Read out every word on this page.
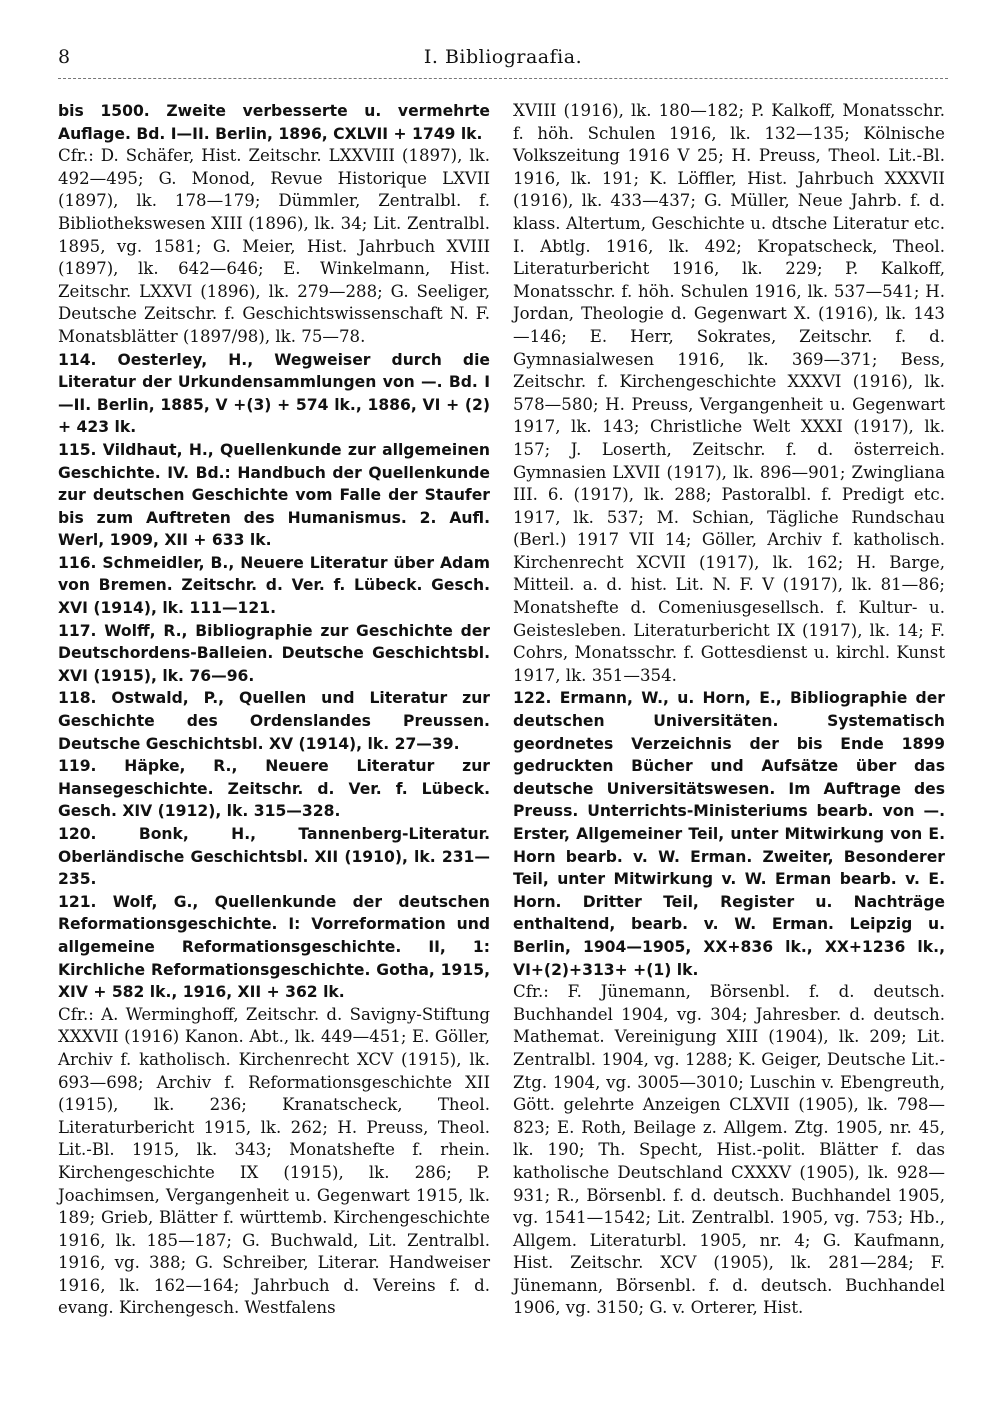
8	I. Bibliograafia.

bis 1500. Zweite verbesserte u. vermehrte Auflage. Bd. I—II. Berlin, 1896, CXLVII + 1749 lk.

Cfr.: D. Schäfer, Hist. Zeitschr. LXXVIII (1897), lk. 492—495; G. Monod, Revue Historique LXVII (1897), lk. 178—179; Dümmler, Zentralbl. f. Bibliothekswesen XIII (1896), lk. 34; Lit. Zentralbl. 1895, vg. 1581; G. Meier, Hist. Jahrbuch XVIII (1897), lk. 642—646; E. Winkelmann, Hist. Zeitschr. LXXVI (1896), lk. 279—288; G. Seeliger, Deutsche Zeitschr. f. Geschichtswissenschaft N. F. Monatsblätter (1897/98), lk. 75—78.

114. Oesterley, H., Wegweiser durch die Literatur der Urkundensammlungen von —. Bd. I—II. Berlin, 1885, V +(3) + 574 lk., 1886, VI + (2) + 423 lk.

115. Vildhaut, H., Quellenkunde zur allgemeinen Geschichte. IV. Bd.: Handbuch der Quellenkunde zur deutschen Geschichte vom Falle der Staufer bis zum Auftreten des Humanismus. 2. Aufl. Werl, 1909, XII + 633 lk.

116. Schmeidler, B., Neuere Literatur über Adam von Bremen. Zeitschr. d. Ver. f. Lübeck. Gesch. XVI (1914), lk. 111—121.

117. Wolff, R., Bibliographie zur Geschichte der Deutschordens-Balleien. Deutsche Geschichtsbl. XVI (1915), lk. 76—96.

118. Ostwald, P., Quellen und Literatur zur Geschichte des Ordenslandes Preussen. Deutsche Geschichtsbl. XV (1914), lk. 27—39.

119. Häpke, R., Neuere Literatur zur Hansegeschichte. Zeitschr. d. Ver. f. Lübeck. Gesch. XIV (1912), lk. 315—328.

120. Bonk, H., Tannenberg-Literatur. Oberländische Geschichtsbl. XII (1910), lk. 231—235.

121. Wolf, G., Quellenkunde der deutschen Reformationsgeschichte. I: Vorreformation und allgemeine Reformationsgeschichte. II, 1: Kirchliche Reformationsgeschichte. Gotha, 1915, XIV + 582 lk., 1916, XII + 362 lk.

Cfr.: A. Werminghoff, Zeitschr. d. Savigny-Stiftung XXXVII (1916) Kanon. Abt., lk. 449—451; E. Göller, Archiv f. katholisch. Kirchenrecht XCV (1915), lk. 693—698; Archiv f. Reformationsgeschichte XII (1915), lk. 236; Kranatscheck, Theol. Literaturbericht 1915, lk. 262; H. Preuss, Theol. Lit.-Bl. 1915, lk. 343; Monatshefte f. rhein. Kirchengeschichte IX (1915), lk. 286; P. Joachimsen, Vergangenheit u. Gegenwart 1915, lk. 189; Grieb, Blätter f. württemb. Kirchengeschichte 1916, lk. 185—187; G. Buchwald, Lit. Zentralbl. 1916, vg. 388; G. Schreiber, Literar. Handweiser 1916, lk. 162—164; Jahrbuch d. Vereins f. d. evang. Kirchengesch. Westfalens

XVIII (1916), lk. 180—182; P. Kalkoff, Monatsschr. f. höh. Schulen 1916, lk. 132—135; Kölnische Volkszeitung 1916 V 25; H. Preuss, Theol. Lit.-Bl. 1916, lk. 191; K. Löffler, Hist. Jahrbuch XXXVII (1916), lk. 433—437; G. Müller, Neue Jahrb. f. d. klass. Altertum, Geschichte u. dtsche Literatur etc. I. Abtlg. 1916, lk. 492; Kropatscheck, Theol. Literaturbericht 1916, lk. 229; P. Kalkoff, Monatsschr. f. höh. Schulen 1916, lk. 537—541; H. Jordan, Theologie d. Gegenwart X. (1916), lk. 143—146; E. Herr, Sokrates, Zeitschr. f. d. Gymnasialwesen 1916, lk. 369—371; Bess, Zeitschr. f. Kirchengeschichte XXXVI (1916), lk. 578—580; H. Preuss, Vergangenheit u. Gegenwart 1917, lk. 143; Christliche Welt XXXI (1917), lk. 157; J. Loserth, Zeitschr. f. d. österreich. Gymnasien LXVII (1917), lk. 896—901; Zwingliana III. 6. (1917), lk. 288; Pastoralbl. f. Predigt etc. 1917, lk. 537; M. Schian, Tägliche Rundschau (Berl.) 1917 VII 14; Göller, Archiv f. katholisch. Kirchenrecht XCVII (1917), lk. 162; H. Barge, Mitteil. a. d. hist. Lit. N. F. V (1917), lk. 81—86; Monatshefte d. Comeniusgesellsch. f. Kultur- u. Geistesleben. Literaturbericht IX (1917), lk. 14; F. Cohrs, Monatsschr. f. Gottesdienst u. kirchl. Kunst 1917, lk. 351—354.

122. Ermann, W., u. Horn, E., Bibliographie der deutschen Universitäten. Systematisch geordnetes Verzeichnis der bis Ende 1899 gedruckten Bücher und Aufsätze über das deutsche Universitätswesen. Im Auftrage des Preuss. Unterrichts-Ministeriums bearb. von —. Erster, Allgemeiner Teil, unter Mitwirkung von E. Horn bearb. v. W. Erman. Zweiter, Besonderer Teil, unter Mitwirkung v. W. Erman bearb. v. E. Horn. Dritter Teil, Register u. Nachträge enthaltend, bearb. v. W. Erman. Leipzig u. Berlin, 1904—1905, XX+836 lk., XX+1236 lk., VI+(2)+313+ +(1) lk.

Cfr.: F. Jünemann, Börsenbl. f. d. deutsch. Buchhandel 1904, vg. 304; Jahresber. d. deutsch. Mathemat. Vereinigung XIII (1904), lk. 209; Lit. Zentralbl. 1904, vg. 1288; K. Geiger, Deutsche Lit.-Ztg. 1904, vg. 3005—3010; Luschin v. Ebengreuth, Gött. gelehrte Anzeigen CLXVII (1905), lk. 798—823; E. Roth, Beilage z. Allgem. Ztg. 1905, nr. 45, lk. 190; Th. Specht, Hist.-polit. Blätter f. das katholische Deutschland CXXXV (1905), lk. 928—931; R., Börsenbl. f. d. deutsch. Buchhandel 1905, vg. 1541—1542; Lit. Zentralbl. 1905, vg. 753; Hb., Allgem. Literaturbl. 1905, nr. 4; G. Kaufmann, Hist. Zeitschr. XCV (1905), lk. 281—284; F. Jünemann, Börsenbl. f. d. deutsch. Buchhandel 1906, vg. 3150; G. v. Orterer, Hist.
